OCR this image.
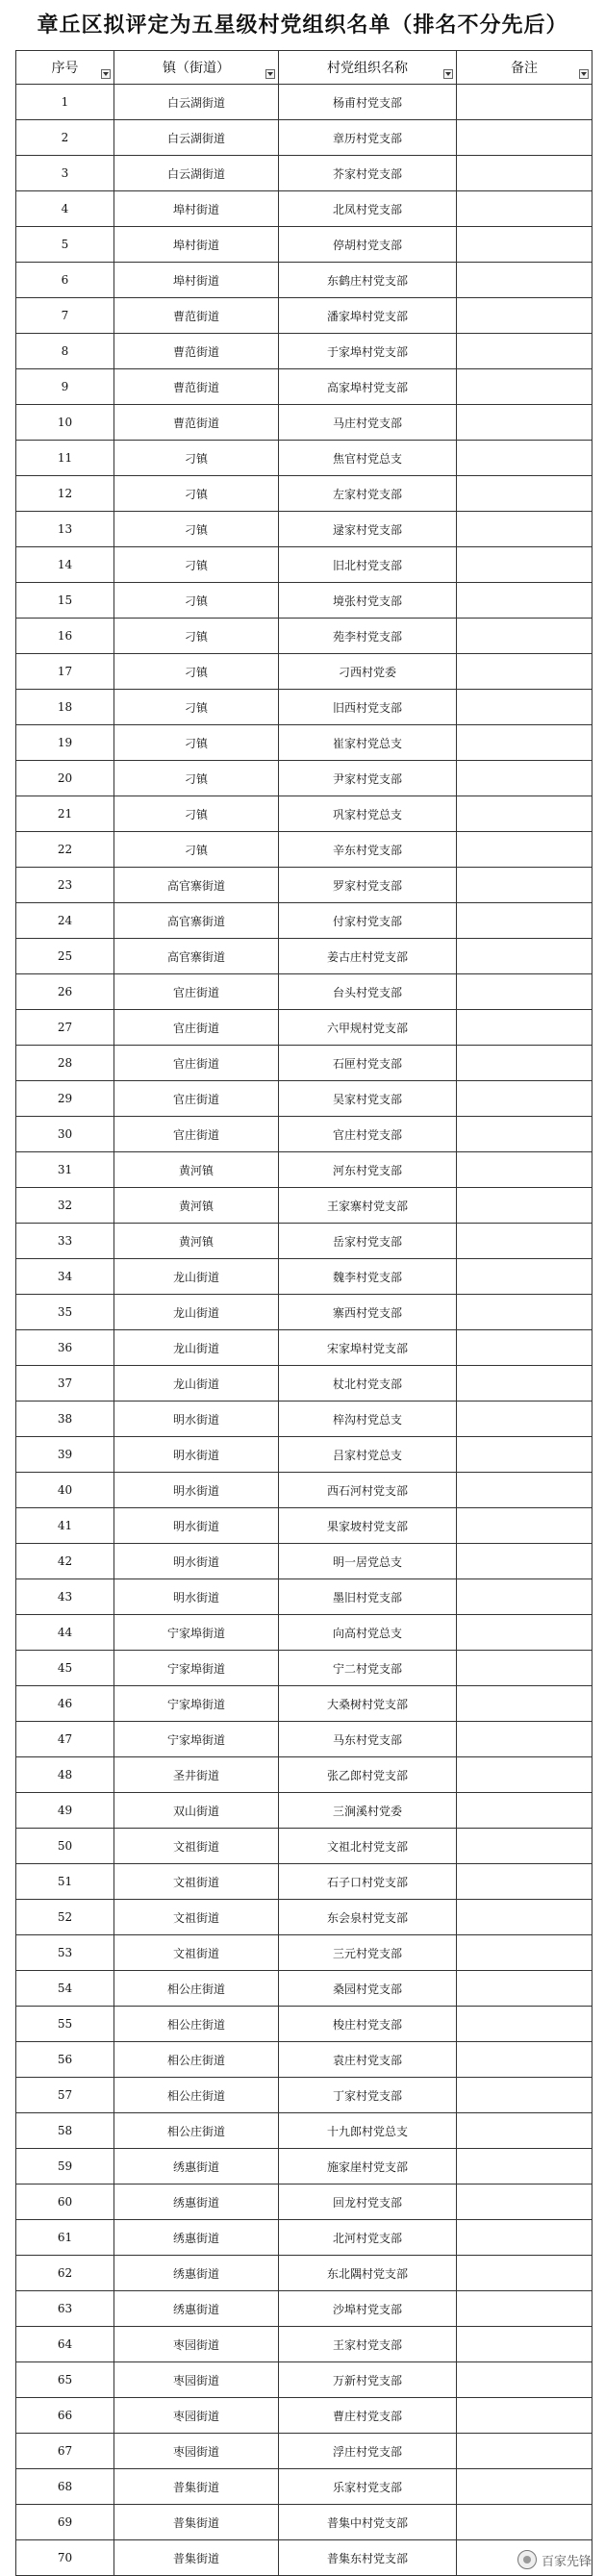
章丘区拟评定为五星级村党组织名单（排名不分先后）
序号	镇（街道）	村党组织名称	备注

1	白云湖街道	杨甫村党支部	
2	白云湖街道	章历村党支部	
3	白云湖街道	芥家村党支部	
4	埠村街道	北凤村党支部	
5	埠村街道	停胡村党支部	
6	埠村街道	东鹤庄村党支部	
7	曹范街道	潘家埠村党支部	
8	曹范街道	于家埠村党支部	
9	曹范街道	高家埠村党支部	
10	曹范街道	马庄村党支部	
11	刁镇	焦官村党总支	
12	刁镇	左家村党支部	
13	刁镇	逯家村党支部	
14	刁镇	旧北村党支部	
15	刁镇	境张村党支部	
16	刁镇	苑李村党支部	
17	刁镇	刁西村党委	
18	刁镇	旧西村党支部	
19	刁镇	崔家村党总支	
20	刁镇	尹家村党支部	
21	刁镇	巩家村党总支	
22	刁镇	辛东村党支部	
23	高官寨街道	罗家村党支部	
24	高官寨街道	付家村党支部	
25	高官寨街道	姜古庄村党支部	
26	官庄街道	台头村党支部	
27	官庄街道	六甲规村党支部	
28	官庄街道	石匣村党支部	
29	官庄街道	吴家村党支部	
30	官庄街道	官庄村党支部	
31	黄河镇	河东村党支部	
32	黄河镇	王家寨村党支部	
33	黄河镇	岳家村党支部	
34	龙山街道	魏李村党支部	
35	龙山街道	寨西村党支部	
36	龙山街道	宋家埠村党支部	
37	龙山街道	杖北村党支部	
38	明水街道	梓沟村党总支	
39	明水街道	吕家村党总支	
40	明水街道	西石河村党支部	
41	明水街道	果家坡村党支部	
42	明水街道	明一居党总支	
43	明水街道	墨旧村党支部	
44	宁家埠街道	向高村党总支	
45	宁家埠街道	宁二村党支部	
46	宁家埠街道	大桑树村党支部	
47	宁家埠街道	马东村党支部	
48	圣井街道	张乙郎村党支部	
49	双山街道	三涧溪村党委	
50	文祖街道	文祖北村党支部	
51	文祖街道	石子口村党支部	
52	文祖街道	东会泉村党支部	
53	文祖街道	三元村党支部	
54	相公庄街道	桑园村党支部	
55	相公庄街道	梭庄村党支部	
56	相公庄街道	袁庄村党支部	
57	相公庄街道	丁家村党支部	
58	相公庄街道	十九郎村党总支	
59	绣惠街道	施家崖村党支部	
60	绣惠街道	回龙村党支部	
61	绣惠街道	北河村党支部	
62	绣惠街道	东北隅村党支部	
63	绣惠街道	沙埠村党支部	
64	枣园街道	王家村党支部	
65	枣园街道	万新村党支部	
66	枣园街道	曹庄村党支部	
67	枣园街道	浮庄村党支部	
68	普集街道	乐家村党支部	
69	普集街道	普集中村党支部	
70	普集街道	普集东村党支部		百家先锋
